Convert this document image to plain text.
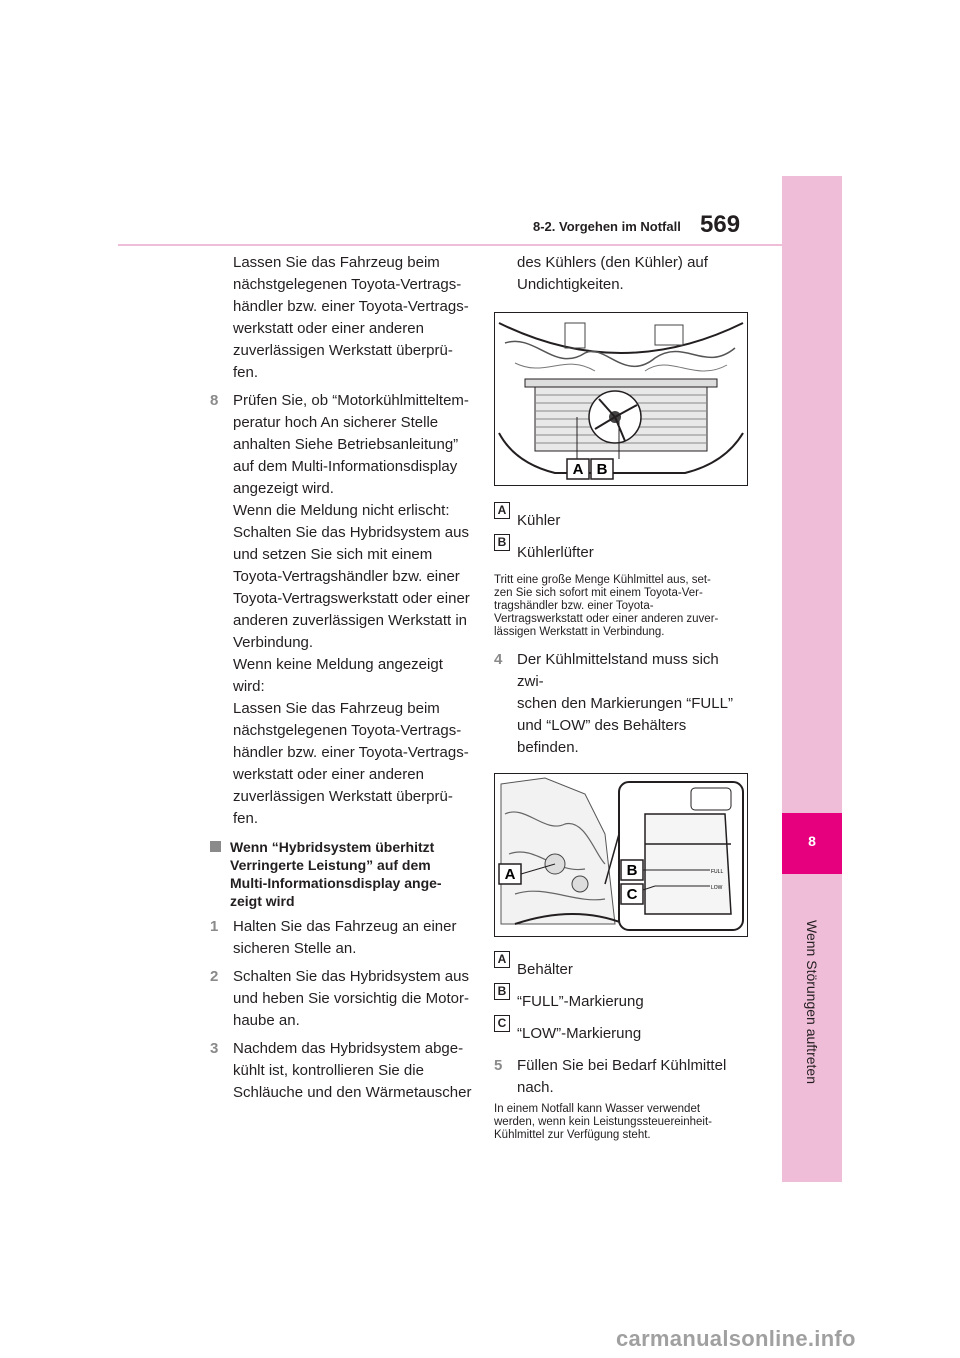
8-2. Vorgehen im Notfall 569
8
Wenn Störungen auftreten
Lassen Sie das Fahrzeug beim
nächstgelegenen Toyota-Vertrags-
händler bzw. einer Toyota-Vertrags-
werkstatt oder einer anderen
zuverlässigen Werkstatt überprü-
fen.
8 Prüfen Sie, ob “Motorkühlmitteltem-
peratur hoch An sicherer Stelle
anhalten Siehe Betriebsanleitung”
auf dem Multi-Informationsdisplay
angezeigt wird.
Wenn die Meldung nicht erlischt:
Schalten Sie das Hybridsystem aus
und setzen Sie sich mit einem
Toyota-Vertragshändler bzw. einer
Toyota-Vertragswerkstatt oder einer
anderen zuverlässigen Werkstatt in
Verbindung.
Wenn keine Meldung angezeigt
wird:
Lassen Sie das Fahrzeug beim
nächstgelegenen Toyota-Vertrags-
händler bzw. einer Toyota-Vertrags-
werkstatt oder einer anderen
zuverlässigen Werkstatt überprü-
fen.
Wenn “Hybridsystem überhitzt
Verringerte Leistung” auf dem
Multi-Informationsdisplay ange-
zeigt wird
1 Halten Sie das Fahrzeug an einer
sicheren Stelle an.
2 Schalten Sie das Hybridsystem aus
und heben Sie vorsichtig die Motor-
haube an.
3 Nachdem das Hybridsystem abge-
kühlt ist, kontrollieren Sie die
Schläuche und den Wärmetauscher
des Kühlers (den Kühler) auf
Undichtigkeiten.
A B
A
Kühler
B
Kühlerlüfter
Tritt eine große Menge Kühlmittel aus, set-
zen Sie sich sofort mit einem Toyota-Ver-
tragshändler bzw. einer Toyota-
Vertragswerkstatt oder einer anderen zuver-
lässigen Werkstatt in Verbindung.
4 Der Kühlmittelstand muss sich zwi-
schen den Markierungen “FULL”
und “LOW” des Behälters befinden.
FULL
LOW
A	B
C
A
Behälter
B
“FULL”-Markierung
C
“LOW”-Markierung
5 Füllen Sie bei Bedarf Kühlmittel
nach.
In einem Notfall kann Wasser verwendet
werden, wenn kein Leistungssteuereinheit-
Kühlmittel zur Verfügung steht.
carmanualsonline.info
